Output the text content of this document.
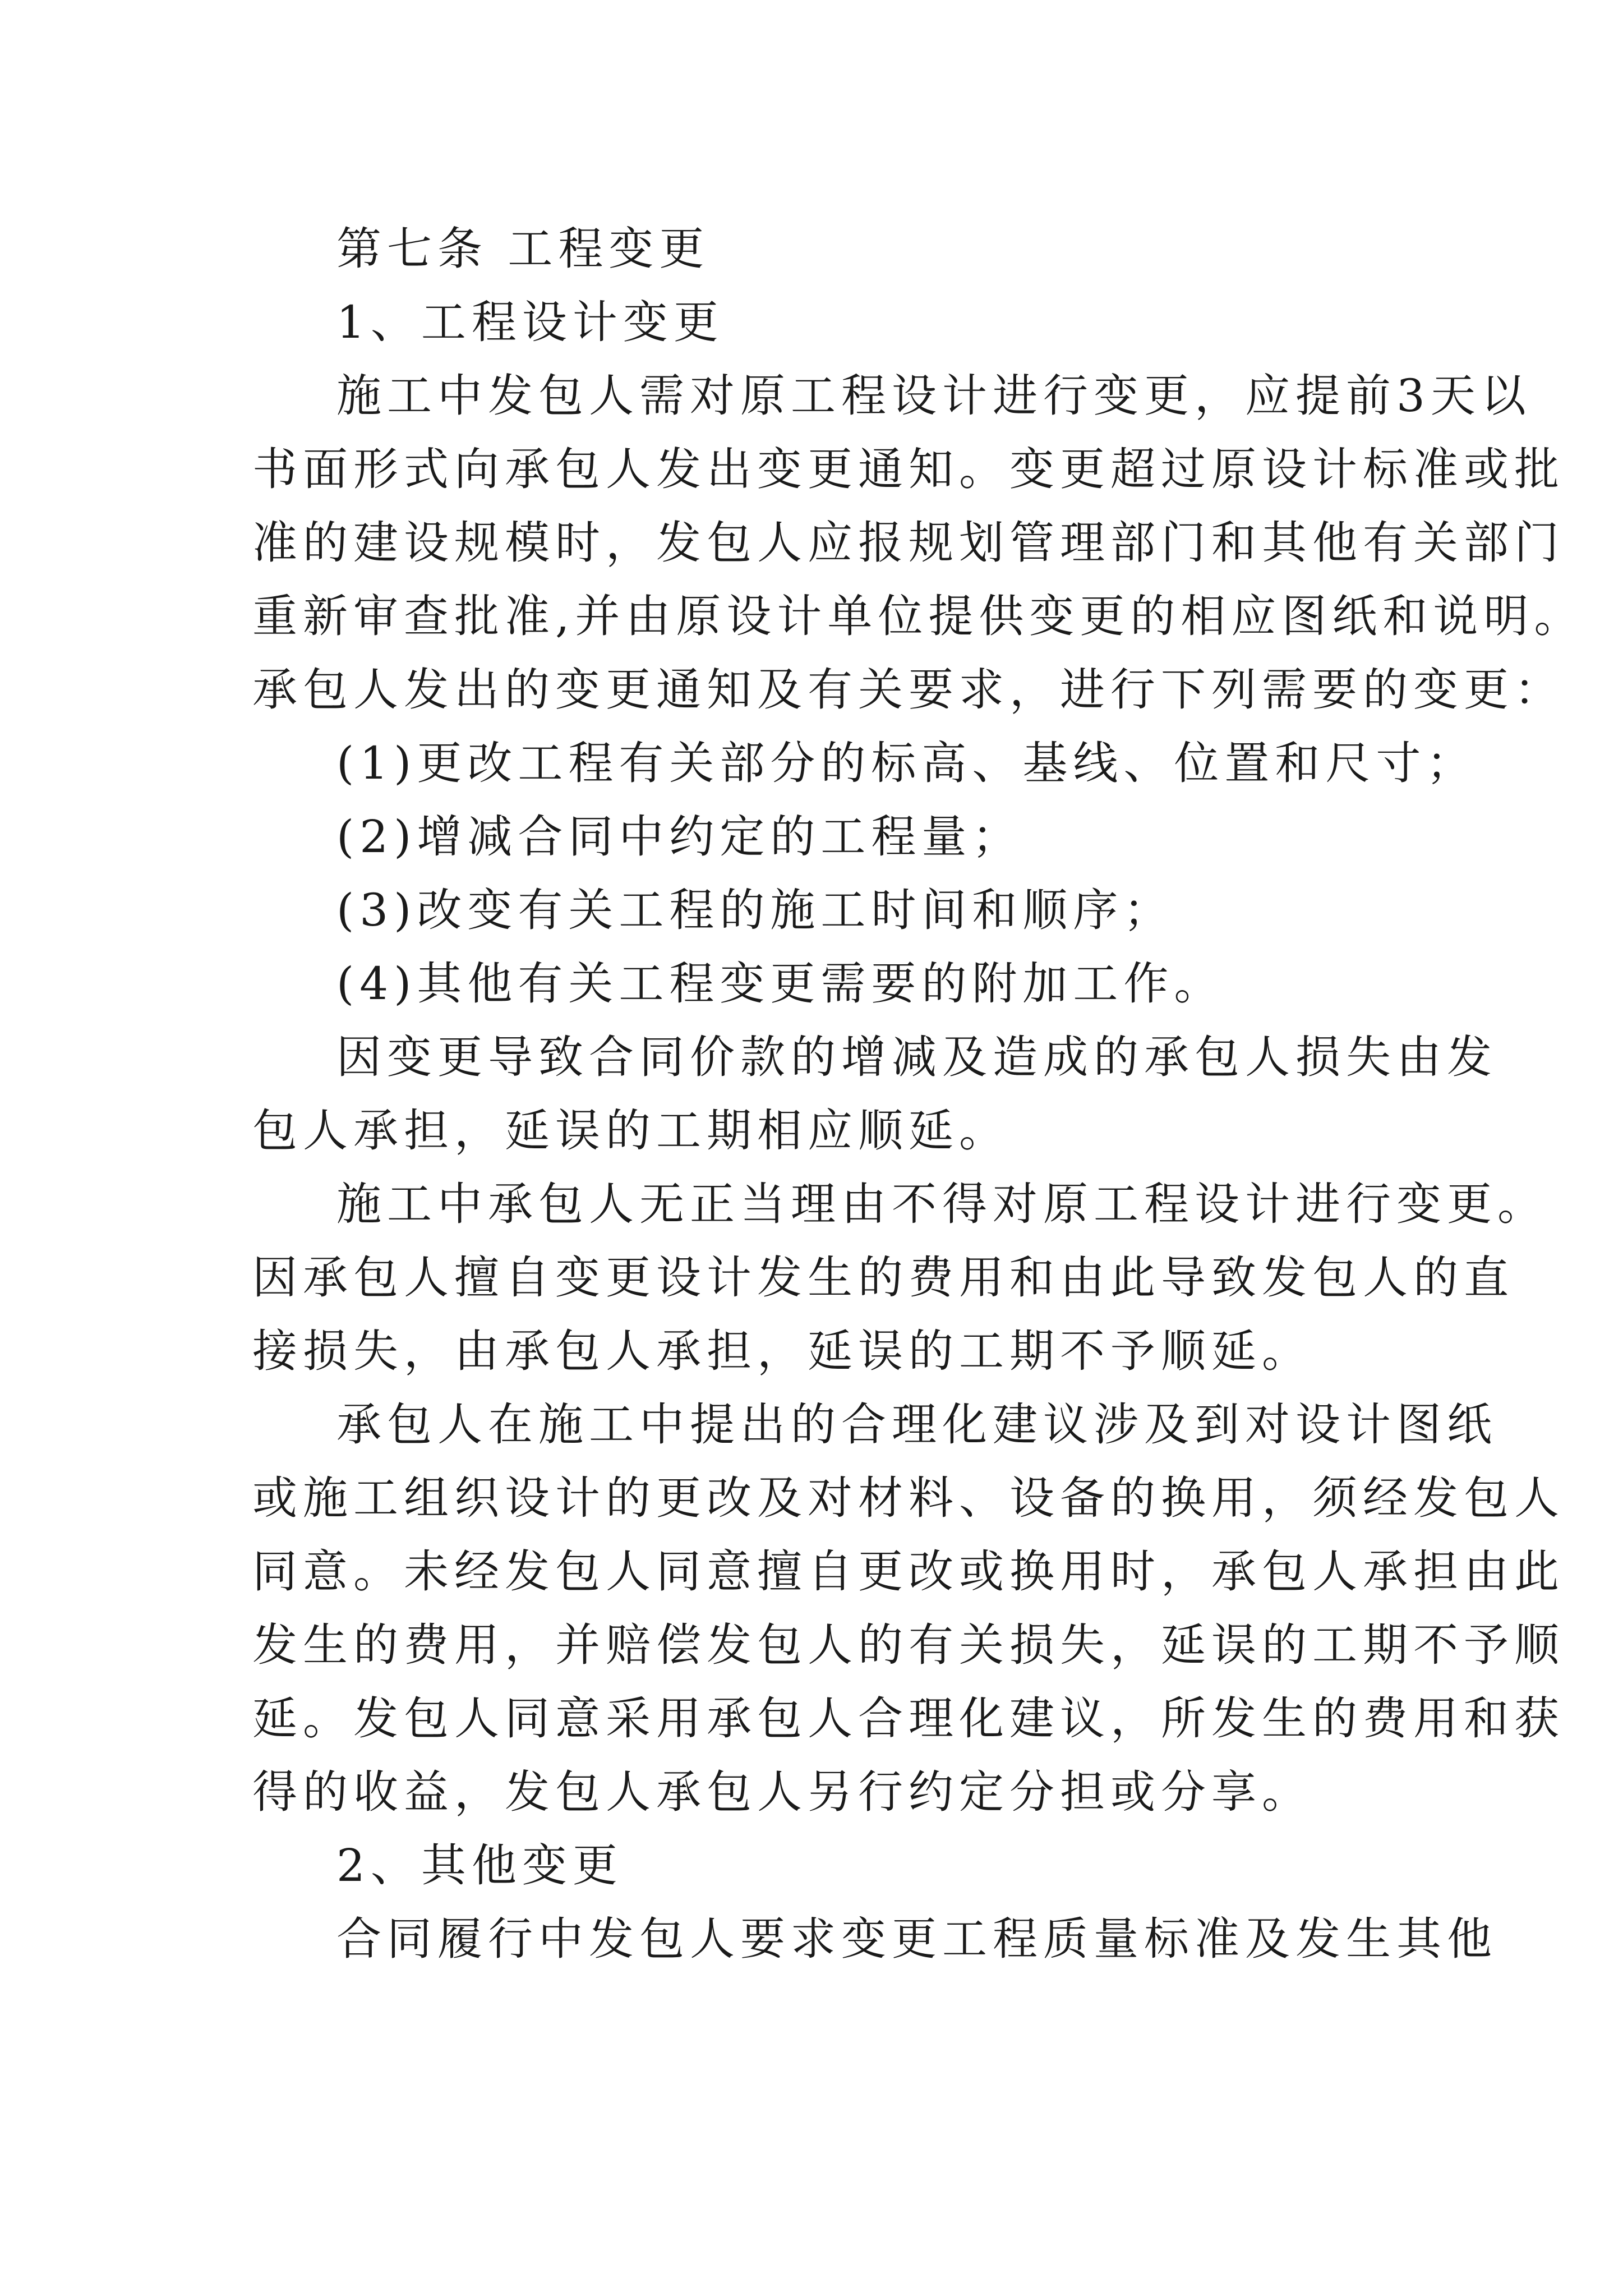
第七条 工程变更
1、工程设计变更
施工中发包人需对原工程设计进行变更，应提前3天以
书面形式向承包人发出变更通知。变更超过原设计标准或批
准的建设规模时，发包人应报规划管理部门和其他有关部门
重新审查批准,并由原设计单位提供变更的相应图纸和说明。
承包人发出的变更通知及有关要求，进行下列需要的变更：
(1)更改工程有关部分的标高、基线、位置和尺寸；
(2)增减合同中约定的工程量；
(3)改变有关工程的施工时间和顺序；
(4)其他有关工程变更需要的附加工作。
因变更导致合同价款的增减及造成的承包人损失由发
包人承担，延误的工期相应顺延。
施工中承包人无正当理由不得对原工程设计进行变更。
因承包人擅自变更设计发生的费用和由此导致发包人的直
接损失，由承包人承担，延误的工期不予顺延。
承包人在施工中提出的合理化建议涉及到对设计图纸
或施工组织设计的更改及对材料、设备的换用，须经发包人
同意。未经发包人同意擅自更改或换用时，承包人承担由此
发生的费用，并赔偿发包人的有关损失，延误的工期不予顺
延。发包人同意采用承包人合理化建议，所发生的费用和获
得的收益，发包人承包人另行约定分担或分享。
2、其他变更
合同履行中发包人要求变更工程质量标准及发生其他
